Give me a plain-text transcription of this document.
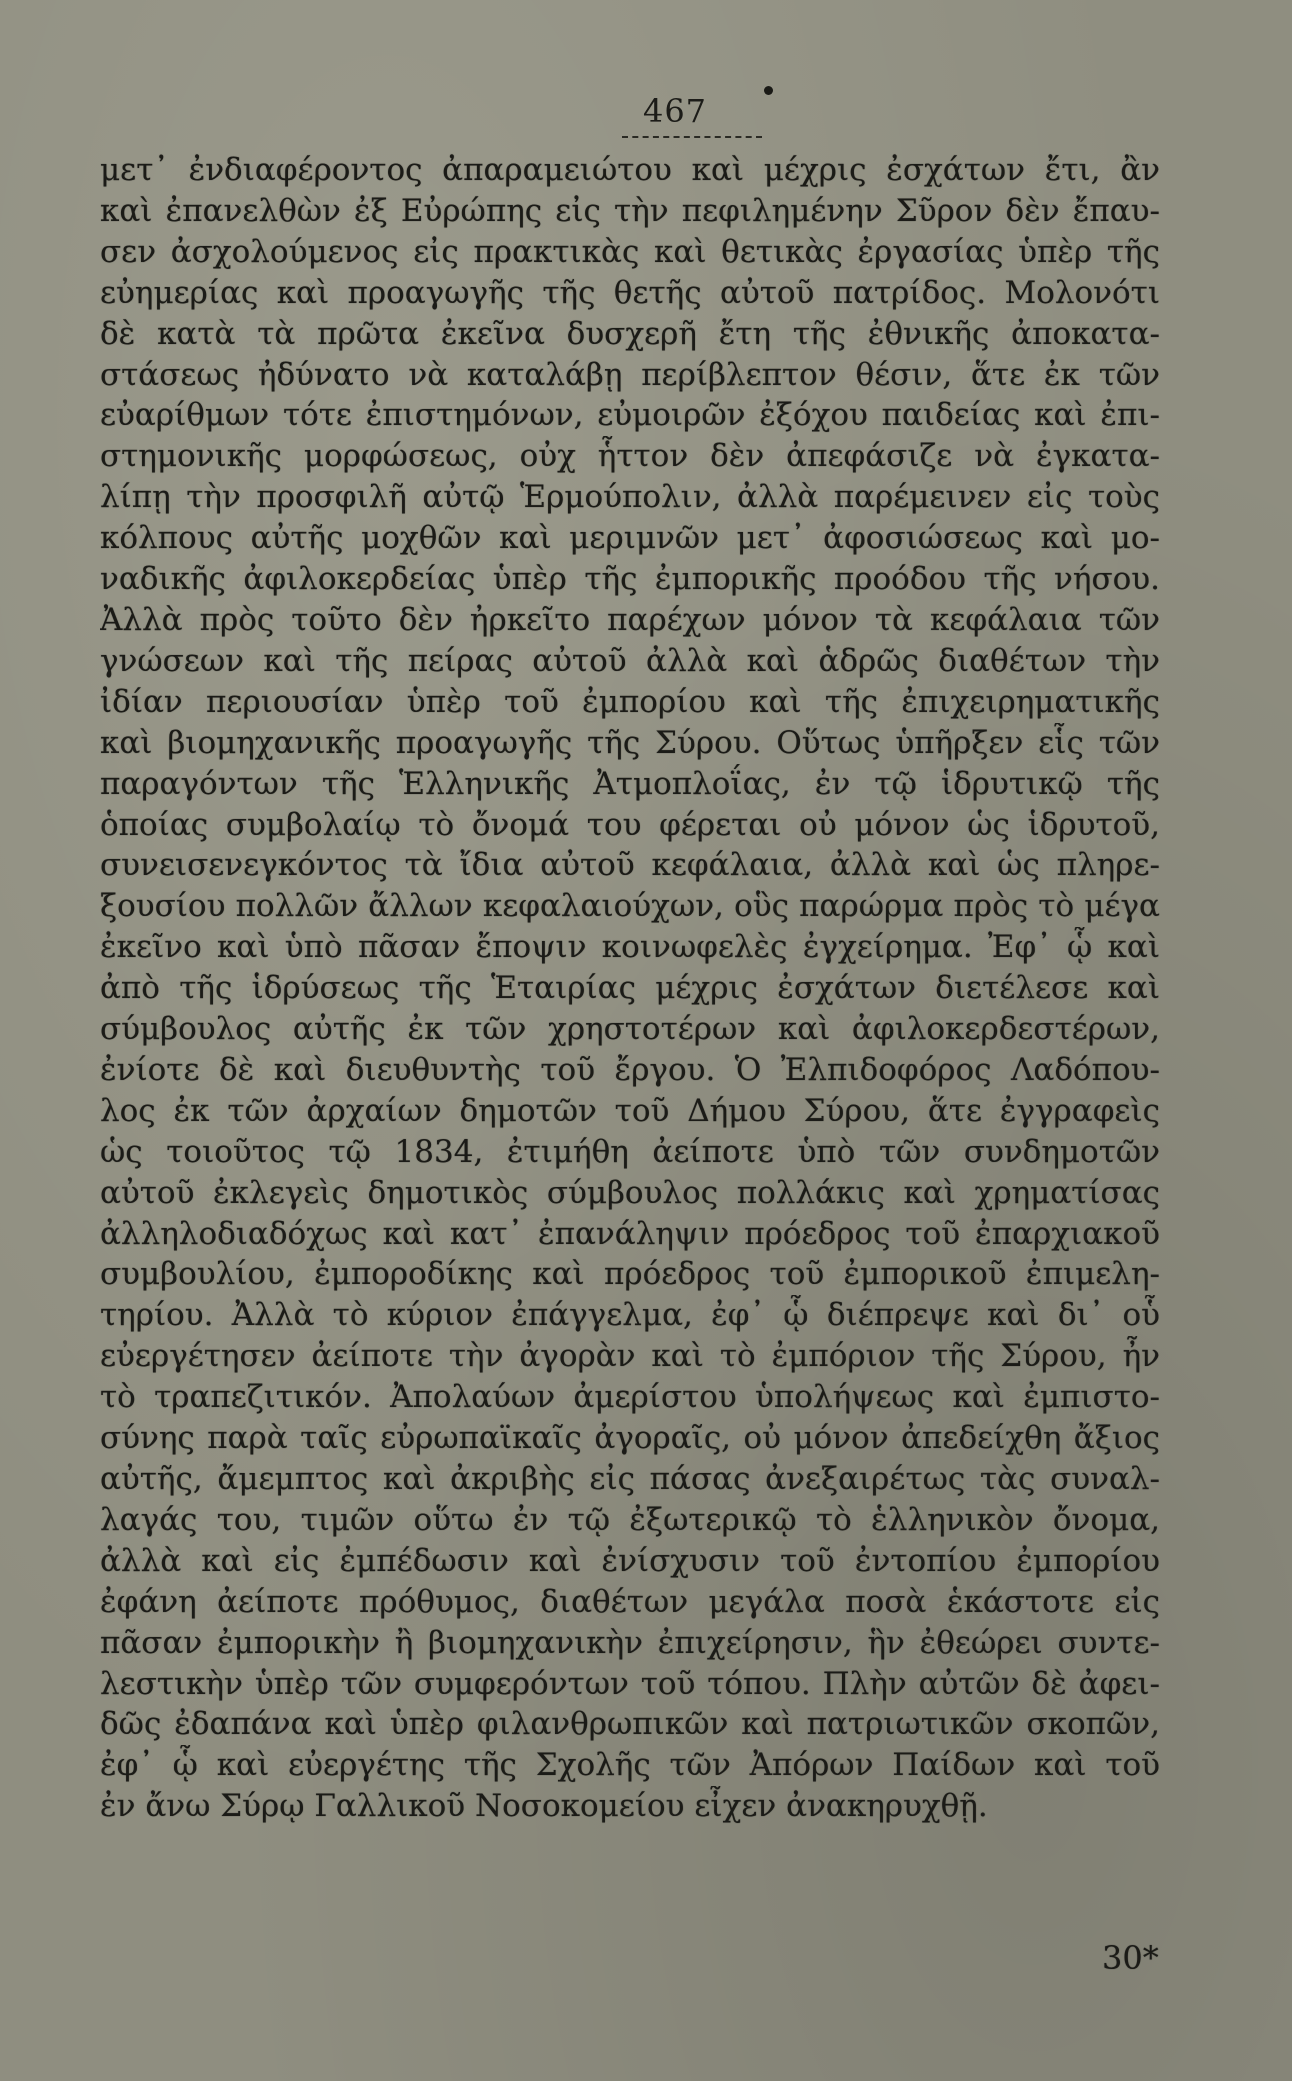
467
μετ᾽ ἐνδιαφέροντος ἀπαραμειώτου καὶ μέχρις ἐσχάτων ἔτι, ἂν
καὶ ἐπανελθὼν ἐξ Εὐρώπης εἰς τὴν πεφιλημένην Σῦρον δὲν ἔπαυ-
σεν ἀσχολούμενος εἰς πρακτικὰς καὶ θετικὰς ἐργασίας ὑπὲρ τῆς
εὐημερίας καὶ προαγωγῆς τῆς θετῆς αὐτοῦ πατρίδος. Μολονότι
δὲ κατὰ τὰ πρῶτα ἐκεῖνα δυσχερῆ ἔτη τῆς ἐθνικῆς ἀποκατα-
στάσεως ἠδύνατο νὰ καταλάβῃ περίβλεπτον θέσιν, ἅτε ἐκ τῶν
εὐαρίθμων τότε ἐπιστημόνων, εὐμοιρῶν ἐξόχου παιδείας καὶ ἐπι-
στημονικῆς μορφώσεως, οὐχ ἧττον δὲν ἀπεφάσιζε νὰ ἐγκατα-
λίπῃ τὴν προσφιλῆ αὐτῷ Ἑρμούπολιν, ἀλλὰ παρέμεινεν εἰς τοὺς
κόλπους αὐτῆς μοχθῶν καὶ μεριμνῶν μετ᾽ ἀφοσιώσεως καὶ μο-
ναδικῆς ἀφιλοκερδείας ὑπὲρ τῆς ἐμπορικῆς προόδου τῆς νήσου.
Ἀλλὰ πρὸς τοῦτο δὲν ἠρκεῖτο παρέχων μόνον τὰ κεφάλαια τῶν
γνώσεων καὶ τῆς πείρας αὐτοῦ ἀλλὰ καὶ ἁδρῶς διαθέτων τὴν
ἰδίαν περιουσίαν ὑπὲρ τοῦ ἐμπορίου καὶ τῆς ἐπιχειρηματικῆς
καὶ βιομηχανικῆς προαγωγῆς τῆς Σύρου. Οὕτως ὑπῆρξεν εἷς τῶν
παραγόντων τῆς Ἑλληνικῆς Ἀτμοπλοΐας, ἐν τῷ ἱδρυτικῷ τῆς
ὁποίας συμβολαίῳ τὸ ὄνομά του φέρεται οὐ μόνον ὡς ἱδρυτοῦ,
συνεισενεγκόντος τὰ ἴδια αὐτοῦ κεφάλαια, ἀλλὰ καὶ ὡς πληρε-
ξουσίου πολλῶν ἄλλων κεφαλαιούχων, οὓς παρώρμα πρὸς τὸ μέγα
ἐκεῖνο καὶ ὑπὸ πᾶσαν ἔποψιν κοινωφελὲς ἐγχείρημα. Ἐφ᾽ ᾧ καὶ
ἀπὸ τῆς ἱδρύσεως τῆς Ἑταιρίας μέχρις ἐσχάτων διετέλεσε καὶ
σύμβουλος αὐτῆς ἐκ τῶν χρηστοτέρων καὶ ἀφιλοκερδεστέρων,
ἐνίοτε δὲ καὶ διευθυντὴς τοῦ ἔργου. Ὁ Ἐλπιδοφόρος Λαδόπου-
λος ἐκ τῶν ἀρχαίων δημοτῶν τοῦ Δήμου Σύρου, ἅτε ἐγγραφεὶς
ὡς τοιοῦτος τῷ 1834, ἐτιμήθη ἀείποτε ὑπὸ τῶν συνδημοτῶν
αὐτοῦ ἐκλεγεὶς δημοτικὸς σύμβουλος πολλάκις καὶ χρηματίσας
ἀλληλοδιαδόχως καὶ κατ᾽ ἐπανάληψιν πρόεδρος τοῦ ἐπαρχιακοῦ
συμβουλίου, ἐμποροδίκης καὶ πρόεδρος τοῦ ἐμπορικοῦ ἐπιμελη-
τηρίου. Ἀλλὰ τὸ κύριον ἐπάγγελμα, ἐφ᾽ ᾧ διέπρεψε καὶ δι᾽ οὗ
εὐεργέτησεν ἀείποτε τὴν ἀγορὰν καὶ τὸ ἐμπόριον τῆς Σύρου, ἦν
τὸ τραπεζιτικόν. Ἀπολαύων ἀμερίστου ὑπολήψεως καὶ ἐμπιστο-
σύνης παρὰ ταῖς εὐρωπαϊκαῖς ἀγοραῖς, οὐ μόνον ἀπεδείχθη ἄξιος
αὐτῆς, ἄμεμπτος καὶ ἀκριβὴς εἰς πάσας ἀνεξαιρέτως τὰς συναλ-
λαγάς του, τιμῶν οὕτω ἐν τῷ ἐξωτερικῷ τὸ ἑλληνικὸν ὄνομα,
ἀλλὰ καὶ εἰς ἐμπέδωσιν καὶ ἐνίσχυσιν τοῦ ἐντοπίου ἐμπορίου
ἐφάνη ἀείποτε πρόθυμος, διαθέτων μεγάλα ποσὰ ἑκάστοτε εἰς
πᾶσαν ἐμπορικὴν ἢ βιομηχανικὴν ἐπιχείρησιν, ἣν ἐθεώρει συντε-
λεστικὴν ὑπὲρ τῶν συμφερόντων τοῦ τόπου. Πλὴν αὐτῶν δὲ ἀφει-
δῶς ἐδαπάνα καὶ ὑπὲρ φιλανθρωπικῶν καὶ πατριωτικῶν σκοπῶν,
ἐφ᾽ ᾧ καὶ εὐεργέτης τῆς Σχολῆς τῶν Ἀπόρων Παίδων καὶ τοῦ
ἐν ἄνω Σύρῳ Γαλλικοῦ Νοσοκομείου εἶχεν ἀνακηρυχθῇ.
30*
